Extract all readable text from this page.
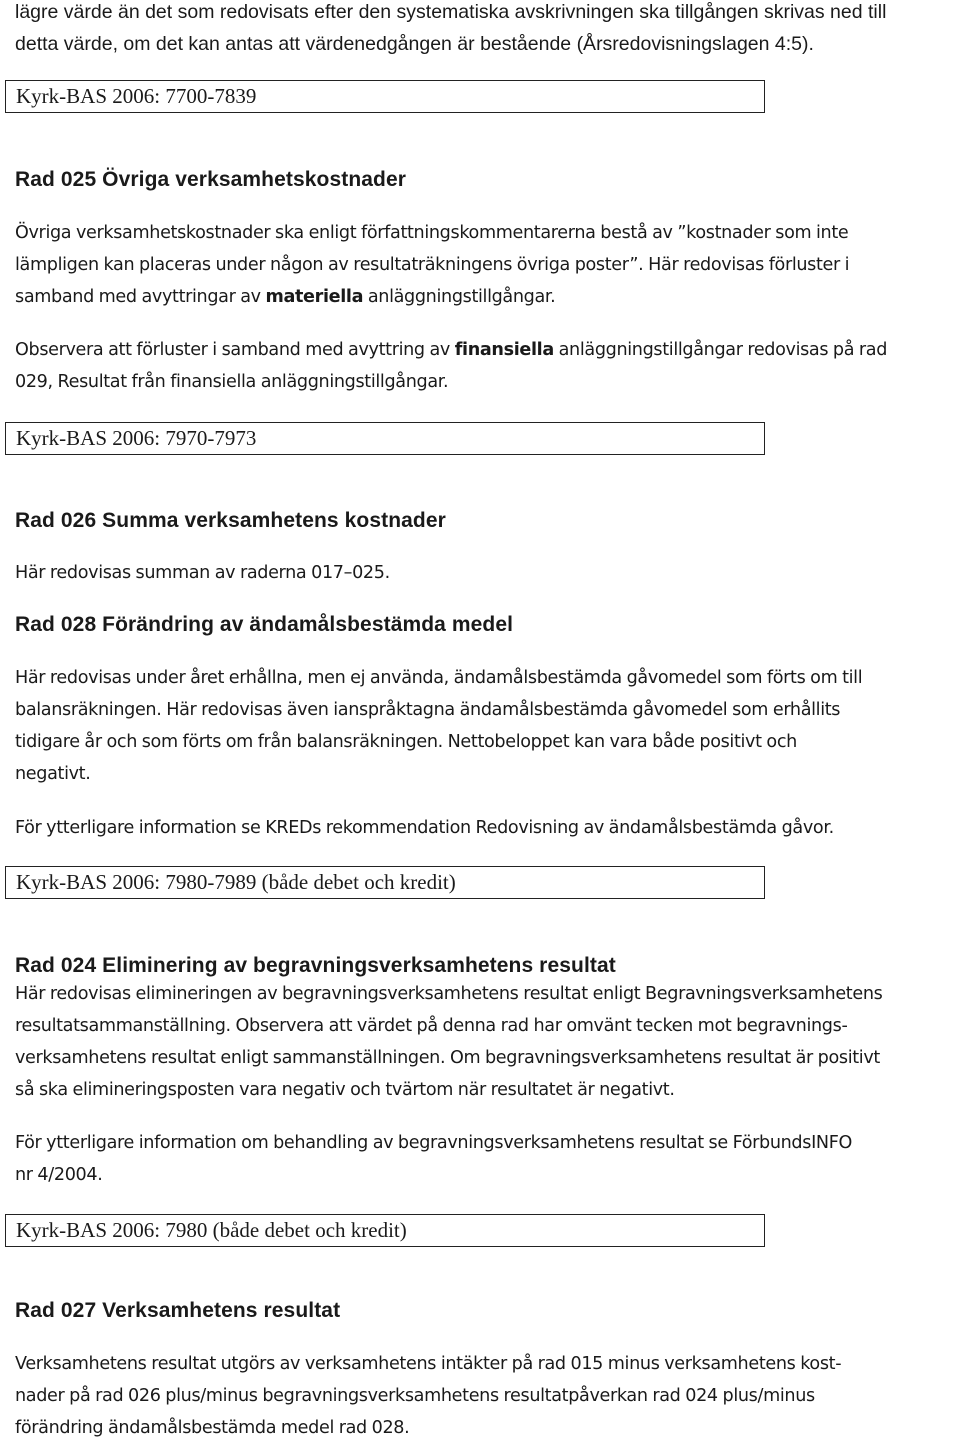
lägre värde än det som redovisats efter den systematiska avskrivningen ska tillgången skrivas ned till
detta värde, om det kan antas att värdenedgången är bestående (Årsredovisningslagen 4:5).
Kyrk-BAS 2006: 7700-7839
Rad 025 Övriga verksamhetskostnader
Övriga verksamhetskostnader ska enligt författningskommentarerna bestå av ”kostnader som inte
lämpligen kan placeras under någon av resultaträkningens övriga poster”. Här redovisas förluster i
samband med avyttringar av materiella anläggningstillgångar.
Observera att förluster i samband med avyttring av finansiella anläggningstillgångar redovisas på rad
029, Resultat från finansiella anläggningstillgångar.
Kyrk-BAS 2006: 7970-7973
Rad 026 Summa verksamhetens kostnader
Här redovisas summan av raderna 017–025.
Rad 028 Förändring av ändamålsbestämda medel
Här redovisas under året erhållna, men ej använda, ändamålsbestämda gåvomedel som förts om till
balansräkningen. Här redovisas även ianspråktagna ändamålsbestämda gåvomedel som erhållits
tidigare år och som förts om från balansräkningen. Nettobeloppet kan vara både positivt och
negativt.
För ytterligare information se KREDs rekommendation Redovisning av ändamålsbestämda gåvor.
Kyrk-BAS 2006: 7980-7989 (både debet och kredit)
Rad 024 Eliminering av begravningsverksamhetens resultat
Här redovisas elimineringen av begravningsverksamhetens resultat enligt Begravningsverksamhetens
resultatsammanställning. Observera att värdet på denna rad har omvänt tecken mot begravnings-
verksamhetens resultat enligt sammanställningen. Om begravningsverksamhetens resultat är positivt
så ska elimineringsposten vara negativ och tvärtom när resultatet är negativt.
För ytterligare information om behandling av begravningsverksamhetens resultat se FörbundsINFO
nr 4/2004.
Kyrk-BAS 2006: 7980 (både debet och kredit)
Rad 027 Verksamhetens resultat
Verksamhetens resultat utgörs av verksamhetens intäkter på rad 015 minus verksamhetens kost-
nader på rad 026 plus/minus begravningsverksamhetens resultatpåverkan rad 024 plus/minus
förändring ändamålsbestämda medel rad 028.
